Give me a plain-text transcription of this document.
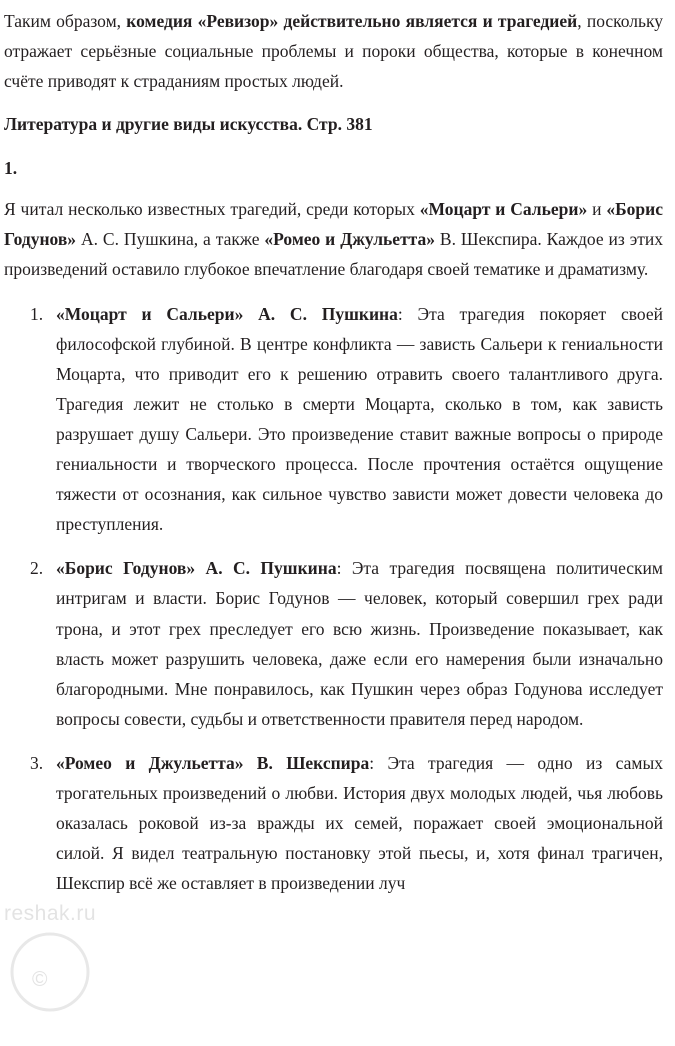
Таким образом, комедия «Ревизор» действительно является и трагедией, поскольку отражает серьёзные социальные проблемы и пороки общества, которые в конечном счёте приводят к страданиям простых людей.

Литература и другие виды искусства. Стр. 381
1.

Я читал несколько известных трагедий, среди которых «Моцарт и Сальери» и «Борис Годунов» А. С. Пушкина, а также «Ромео и Джульетта» В. Шекспира. Каждое из этих произведений оставило глубокое впечатление благодаря своей тематике и драматизму.

«Моцарт и Сальери» А. С. Пушкина: Эта трагедия покоряет своей философской глубиной. В центре конфликта — зависть Сальери к гениальности Моцарта, что приводит его к решению отравить своего талантливого друга. Трагедия лежит не столько в смерти Моцарта, сколько в том, как зависть разрушает душу Сальери. Это произведение ставит важные вопросы о природе гениальности и творческого процесса. После прочтения остаётся ощущение тяжести от осознания, как сильное чувство зависти может довести человека до преступления.
«Борис Годунов» А. С. Пушкина: Эта трагедия посвящена политическим интригам и власти. Борис Годунов — человек, который совершил грех ради трона, и этот грех преследует его всю жизнь. Произведение показывает, как власть может разрушить человека, даже если его намерения были изначально благородными. Мне понравилось, как Пушкин через образ Годунова исследует вопросы совести, судьбы и ответственности правителя перед народом.
«Ромео и Джульетта» В. Шекспира: Эта трагедия — одно из самых трогательных произведений о любви. История двух молодых людей, чья любовь оказалась роковой из-за вражды их семей, поражает своей эмоциональной силой. Я видел театральную постановку этой пьесы, и, хотя финал трагичен, Шекспир всё же оставляет в произведении луч
reshak.ru
©
